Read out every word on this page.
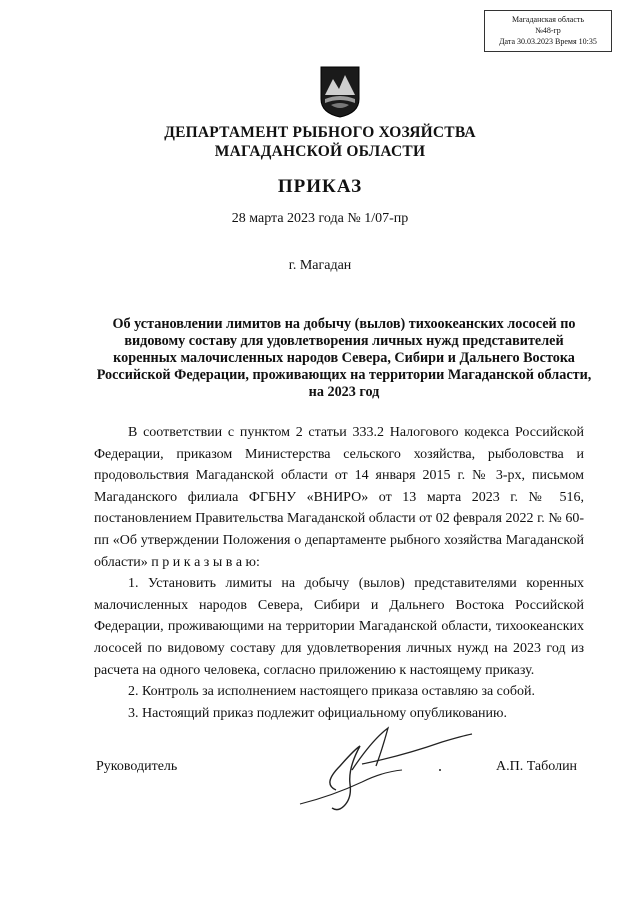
Магаданская область
№48-гр
Дата 30.03.2023 Время 10:35
ДЕПАРТАМЕНТ РЫБНОГО ХОЗЯЙСТВА
МАГАДАНСКОЙ ОБЛАСТИ
ПРИКАЗ
28 марта 2023 года № 1/07-пр
г. Магадан
Об установлении лимитов на добычу (вылов) тихоокеанских лососей по видовому составу для удовлетворения личных нужд представителей коренных малочисленных народов Севера, Сибири и Дальнего Востока Российской Федерации, проживающих на территории Магаданской области, на 2023 год

В соответствии с пунктом 2 статьи 333.2 Налогового кодекса Российской Федерации, приказом Министерства сельского хозяйства, рыболовства и продовольствия Магаданской области от 14 января 2015 г. № 3-рх, письмом Магаданского филиала ФГБНУ «ВНИРО» от 13 марта 2023 г. № 516, постановлением Правительства Магаданской области от 02 февраля 2022 г. № 60-пп «Об утверждении Положения о департаменте рыбного хозяйства Магаданской области» п р и к а з ы в а ю:

1. Установить лимиты на добычу (вылов) представителями коренных малочисленных народов Севера, Сибири и Дальнего Востока Российской Федерации, проживающими на территории Магаданской области, тихоокеанских лососей по видовому составу для удовлетворения личных нужд на 2023 год из расчета на одного человека, согласно приложению к настоящему приказу.

2. Контроль за исполнением настоящего приказа оставляю за собой.

3. Настоящий приказ подлежит официальному опубликованию.

Руководитель	А.П. Таболин
